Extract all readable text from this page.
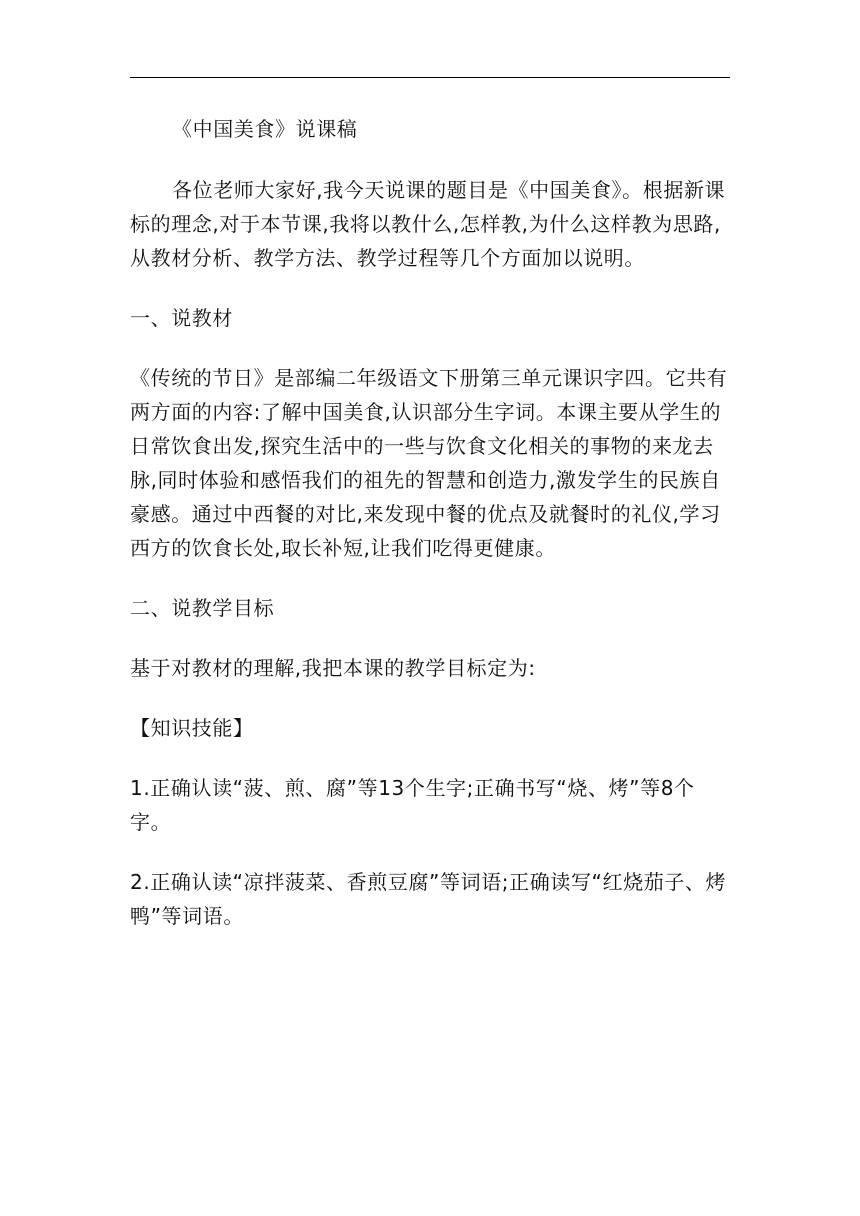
《中国美食》说课稿

各位老师大家好,我今天说课的题目是《中国美食》。根据新课标的理念,对于本节课,我将以教什么,怎样教,为什么这样教为思路,从教材分析、教学方法、教学过程等几个方面加以说明。

一、说教材

《传统的节日》是部编二年级语文下册第三单元课识字四。它共有两方面的内容:了解中国美食,认识部分生字词。本课主要从学生的日常饮食出发,探究生活中的一些与饮食文化相关的事物的来龙去脉,同时体验和感悟我们的祖先的智慧和创造力,激发学生的民族自豪感。通过中西餐的对比,来发现中餐的优点及就餐时的礼仪,学习西方的饮食长处,取长补短,让我们吃得更健康。

二、说教学目标

基于对教材的理解,我把本课的教学目标定为:

【知识技能】

1.正确认读“菠、煎、腐”等13个生字;正确书写“烧、烤”等8个字。

2.正确认读“凉拌菠菜、香煎豆腐”等词语;正确读写“红烧茄子、烤鸭”等词语。
